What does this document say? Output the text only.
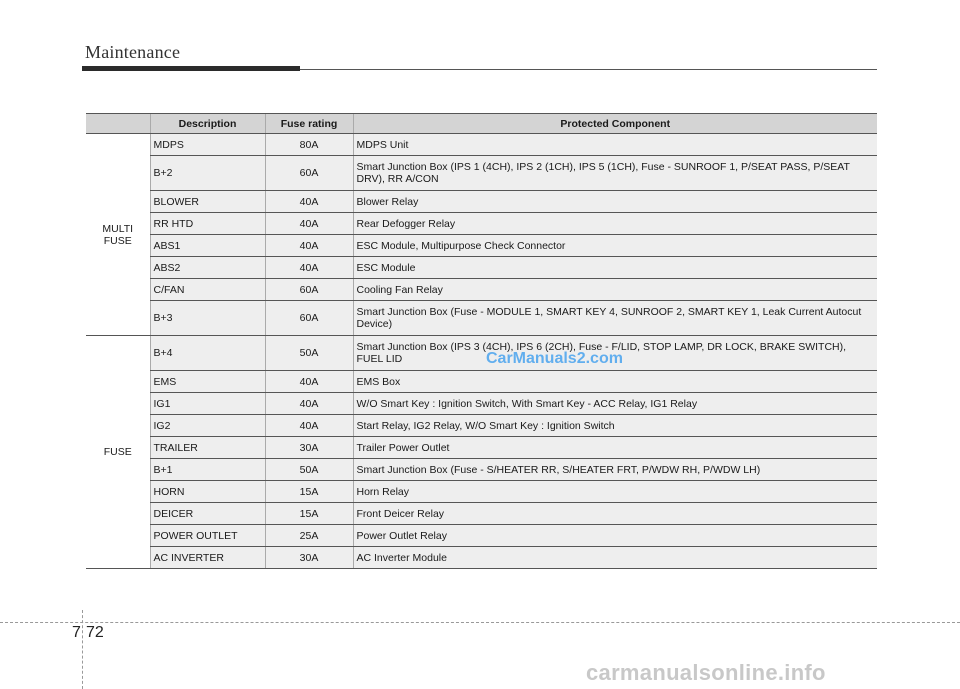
Maintenance
	Description	Fuse rating	Protected Component

MULTI
FUSE	MDPS	80A	MDPS Unit
	B+2	60A	Smart Junction Box (IPS 1 (4CH), IPS 2 (1CH), IPS 5 (1CH), Fuse - SUNROOF 1, P/SEAT PASS, P/SEAT DRV), RR A/CON
	BLOWER	40A	Blower Relay
	RR HTD	40A	Rear Defogger Relay
	ABS1	40A	ESC Module, Multipurpose Check Connector
	ABS2	40A	ESC Module
	C/FAN	60A	Cooling Fan Relay
	B+3	60A	Smart Junction Box (Fuse - MODULE 1, SMART KEY 4, SUNROOF 2, SMART KEY 1, Leak Current Autocut Device)

FUSE	B+4	50A	Smart Junction Box (IPS 3 (4CH), IPS 6 (2CH), Fuse - F/LID, STOP LAMP, DR LOCK, BRAKE SWITCH), FUEL LID
	EMS	40A	EMS Box
	IG1	40A	W/O Smart Key : Ignition Switch, With Smart Key - ACC Relay, IG1 Relay
	IG2	40A	Start Relay, IG2 Relay, W/O Smart Key : Ignition Switch
	TRAILER	30A	Trailer Power Outlet
	B+1	50A	Smart Junction Box (Fuse - S/HEATER RR, S/HEATER FRT, P/WDW RH, P/WDW LH)
	HORN	15A	Horn Relay
	DEICER	15A	Front Deicer Relay
	POWER OUTLET	25A	Power Outlet Relay
	AC INVERTER	30A	AC Inverter Module
CarManuals2.com
7 72
carmanualsonline.info
